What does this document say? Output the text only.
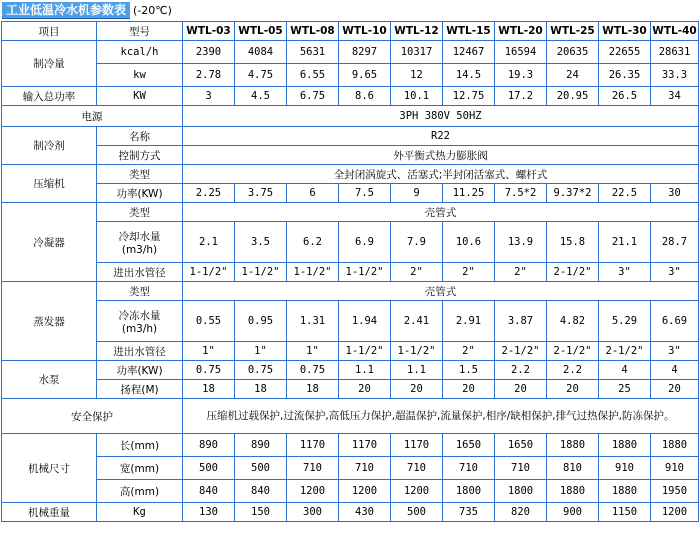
工业低温冷水机参数表 (-20℃)
项目	型号	WTL-03	WTL-05	WTL-08	WTL-10	WTL-12	WTL-15	WTL-20	WTL-25	WTL-30	WTL-40
制冷量	kcal/h	2390	4084	5631	8297	10317	12467	16594	20635	22655	28631
	kw	2.78	4.75	6.55	9.65	12	14.5	19.3	24	26.35	33.3
输入总功率	KW	3	4.5	6.75	8.6	10.1	12.75	17.2	20.95	26.5	34
电源		3PH 380V 50HZ									
制冷剂	名称	R22									
	控制方式	外平衡式热力膨胀阀									
压缩机	类型	全封闭涡旋式、活塞式;半封闭活塞式、螺杆式									
	功率(KW)	2.25	3.75	6	7.5	9	11.25	7.5*2	9.37*2	22.5	30
冷凝器	类型	壳管式									

	冷却水量
(m3/h)	2.1	3.5	6.2	6.9	7.9	10.6	13.9	15.8	21.1	28.7
	进出水管径	1-1/2"	1-1/2"	1-1/2"	1-1/2"	2"	2"	2"	2-1/2"	3"	3"
蒸发器	类型	壳管式									

	冷冻水量
(m3/h)	0.55	0.95	1.31	1.94	2.41	2.91	3.87	4.82	5.29	6.69
	进出水管径	1"	1"	1"	1-1/2"	1-1/2"	2"	2-1/2"	2-1/2"	2-1/2"	3"
水泵	功率(KW)	0.75	0.75	0.75	1.1	1.1	1.5	2.2	2.2	4	4
	扬程(M)	18	18	18	20	20	20	20	20	25	20
安全保护		压缩机过载保护,过流保护,高低压力保护,超温保护,流量保护,相序/缺相保护,排气过热保护,防冻保护。									
机械尺寸	长(mm)	890	890	1170	1170	1170	1650	1650	1880	1880	1880
	宽(mm)	500	500	710	710	710	710	710	810	910	910
	高(mm)	840	840	1200	1200	1200	1800	1800	1880	1880	1950
机械重量	Kg	130	150	300	430	500	735	820	900	1150	1200
